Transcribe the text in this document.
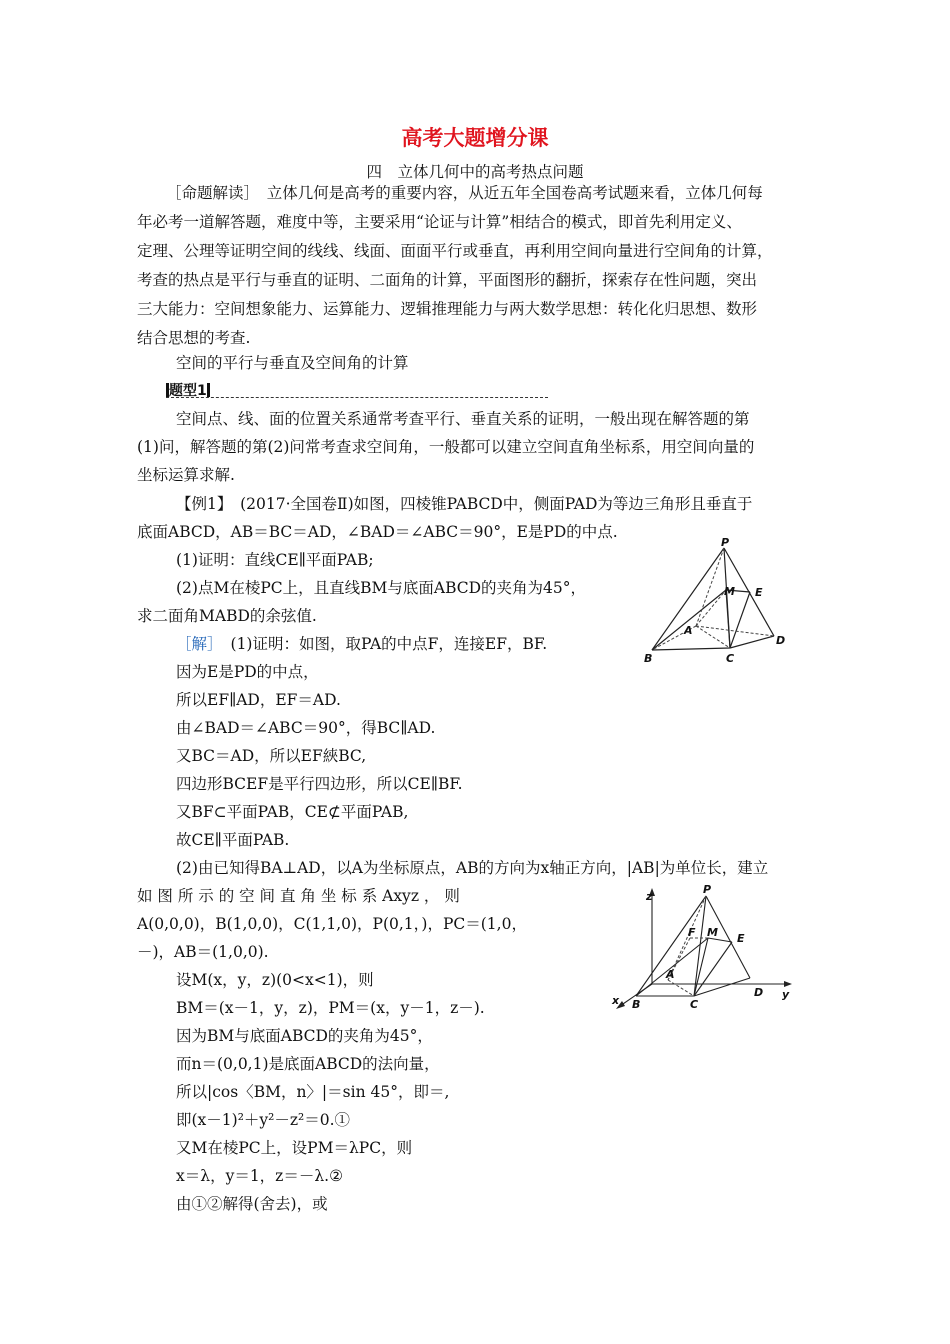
高考大题增分课
四　立体几何中的高考热点问题
［命题解读］　立体几何是高考的重要内容，从近五年全国卷高考试题来看，立体几何每
年必考一道解答题，难度中等，主要采用“论证与计算”相结合的模式，即首先利用定义、
定理、公理等证明空间的线线、线面、面面平行或垂直，再利用空间向量进行空间角的计算，
考查的热点是平行与垂直的证明、二面角的计算，平面图形的翻折，探索存在性问题，突出
三大能力：空间想象能力、运算能力、逻辑推理能力与两大数学思想：转化化归思想、数形
结合思想的考查.
空间的平行与垂直及空间角的计算
题型1
空间点、线、面的位置关系通常考查平行、垂直关系的证明，一般出现在解答题的第
(1)问，解答题的第(2)问常考查求空间角，一般都可以建立空间直角坐标系，用空间向量的
坐标运算求解.
【例1】　(2017·全国卷Ⅱ)如图，四棱锥PABCD中，侧面PAD为等边三角形且垂直于
底面ABCD，AB＝BC＝AD，∠BAD＝∠ABC＝90°，E是PD的中点.
(1)证明：直线CE∥平面PAB;
(2)点M在棱PC上，且直线BM与底面ABCD的夹角为45°，
求二面角MABD的余弦值.
［解］ (1)证明：如图，取PA的中点F，连接EF，BF.
因为E是PD的中点，
所以EF∥AD，EF＝AD.
由∠BAD＝∠ABC＝90°，得BC∥AD.
又BC＝AD，所以EF綊BC,
四边形BCEF是平行四边形，所以CE∥BF.
又BF⊂平面PAB，CE⊄平面PAB,
故CE∥平面PAB.
(2)由已知得BA⊥AD，以A为坐标原点，AB的方向为x轴正方向，|AB|为单位长，建立
如 图 所 示 的 空 间 直 角 坐 标 系 Axyz ， 则
A(0,0,0)，B(1,0,0)，C(1,1,0)，P(0,1，)，PC＝(1,0，
－)，AB＝(1,0,0).
设M(x，y，z)(0<x<1)，则
BM＝(x－1，y，z)，PM＝(x，y－1，z－).
因为BM与底面ABCD的夹角为45°，
而n＝(0,0,1)是底面ABCD的法向量，
所以|cos〈BM，n〉|＝sin 45°，即＝,
即(x－1)²＋y²－z²＝0.①
又M在棱PC上，设PM＝λPC，则
x＝λ，y＝1，z＝－λ.②
由①②解得(舍去)，或
P
M E
A
B	C
D
z
P
F M E
A
x B	C
D y
